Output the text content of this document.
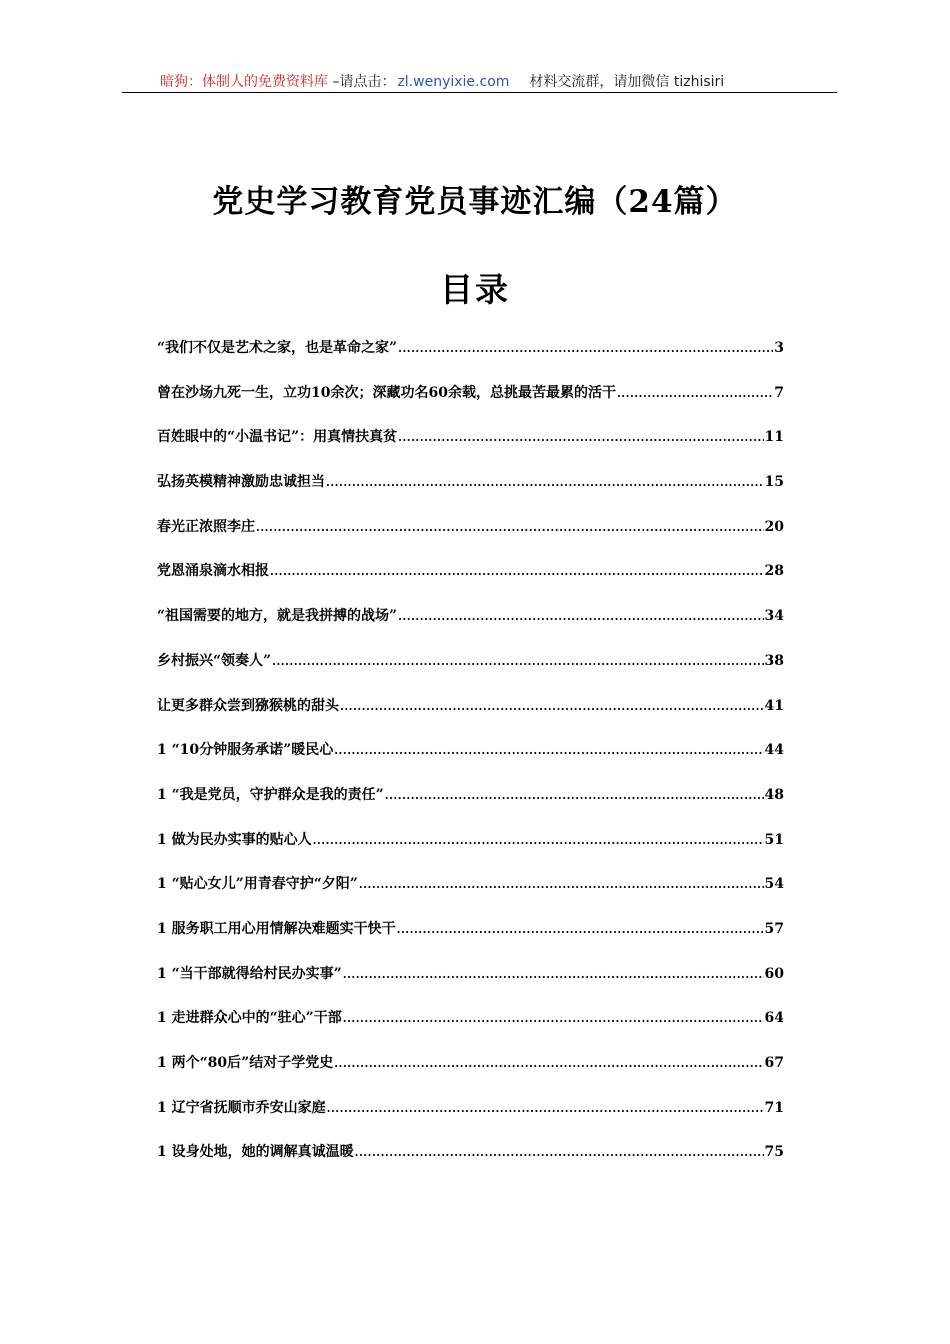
暗狗：体制人的免费资料库 –请点击： zl.wenyixie.com 材料交流群，请加微信 tizhisiri
党史学习教育党员事迹汇编（24篇）
目录
“我们不仅是艺术之家，也是革命之家” .....	3
曾在沙场九死一生，立功10余次；深藏功名60余载，总挑最苦最累的活干 .....	7
百姓眼中的“小温书记”：用真情扶真贫 .....	11
弘扬英模精神激励忠诚担当 .....	15
春光正浓照李庄 .....	20
党恩涌泉滴水相报 .....	28
“祖国需要的地方，就是我拼搏的战场” .....	34
乡村振兴“领奏人” .....	38
让更多群众尝到猕猴桃的甜头 .....	41
1 “10分钟服务承诺”暖民心 .....	44
1 “我是党员，守护群众是我的责任” .....	48
1 做为民办实事的贴心人 .....	51
1 “贴心女儿”用青春守护“夕阳” .....	54
1 服务职工用心用情解决难题实干快干 .....	57
1 “当干部就得给村民办实事” .....	60
1 走进群众心中的“驻心”干部 .....	64
1 两个“80后”结对子学党史 .....	67
1 辽宁省抚顺市乔安山家庭 .....	71
1 设身处地，她的调解真诚温暖 .....	75
